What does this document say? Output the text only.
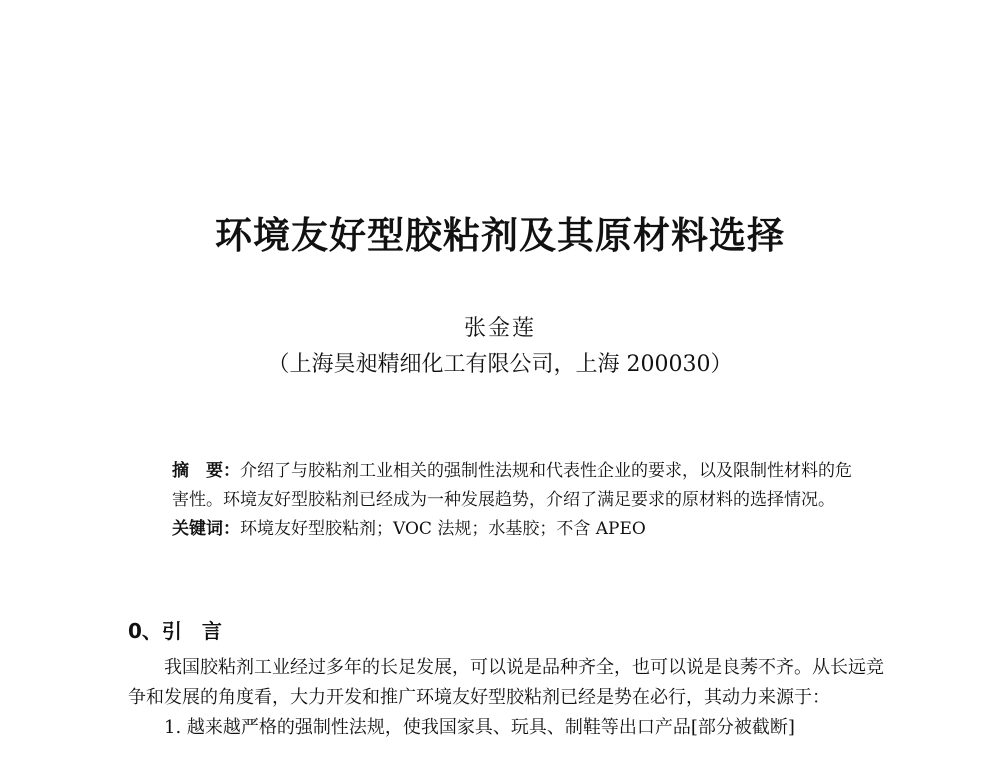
环境友好型胶粘剂及其原材料选择
张金莲
（上海昊昶精细化工有限公司，上海 200030）

摘　要：介绍了与胶粘剂工业相关的强制性法规和代表性企业的要求，以及限制性材料的危害性。环境友好型胶粘剂已经成为一种发展趋势，介绍了满足要求的原材料的选择情况。

关键词：环境友好型胶粘剂；VOC 法规；水基胶；不含 APEO

0、引　言

我国胶粘剂工业经过多年的长足发展，可以说是品种齐全，也可以说是良莠不齐。从长远竞争和发展的角度看，大力开发和推广环境友好型胶粘剂已经是势在必行，其动力来源于：

1. 越来越严格的强制性法规，使我国家具、玩具、制鞋等出口产品[部分被截断]
